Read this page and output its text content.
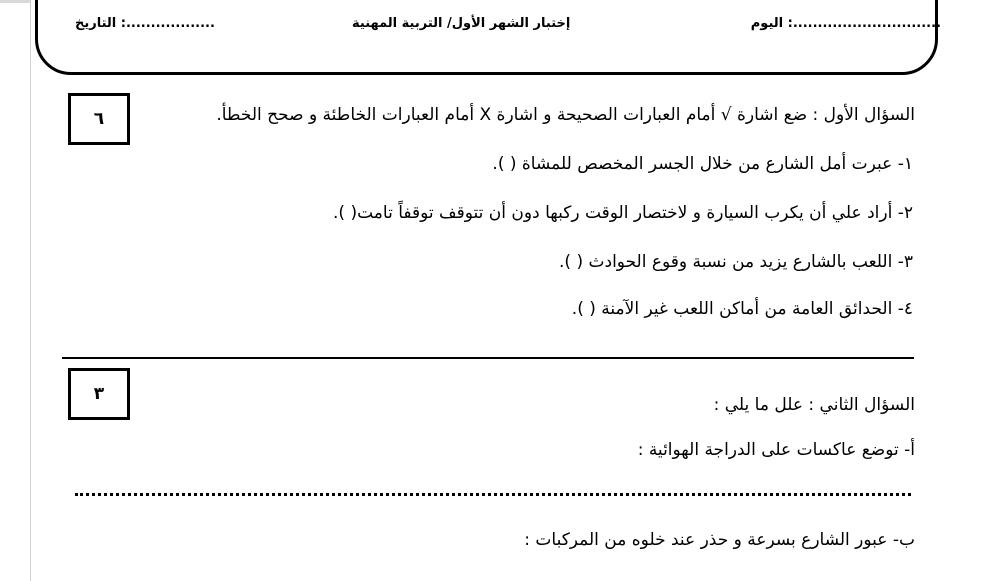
اليوم :..............................
إختبار الشهر الأول/ التربية المهنية
التاريخ :..................
٦	السؤال الأول : ضع اشارة √ أمام العبارات الصحيحة و اشارة X أمام العبارات الخاطئة و صحح الخطأ.
١- عبرت أمل الشارع من خلال الجسر المخصص للمشاة ( ).
٢- أراد علي أن يكرب السيارة و لاختصار الوقت ركبها دون أن تتوقف توقفاً تامت( ).
٣- اللعب بالشارع يزيد من نسبة وقوع الحوادث ( ).
٤- الحدائق العامة من أماكن اللعب غير الآمنة ( ).
٣
السؤال الثاني : علل ما يلي :
أ- توضع عاكسات على الدراجة الهوائية :
ب- عبور الشارع بسرعة و حذر عند خلوه من المركبات :
